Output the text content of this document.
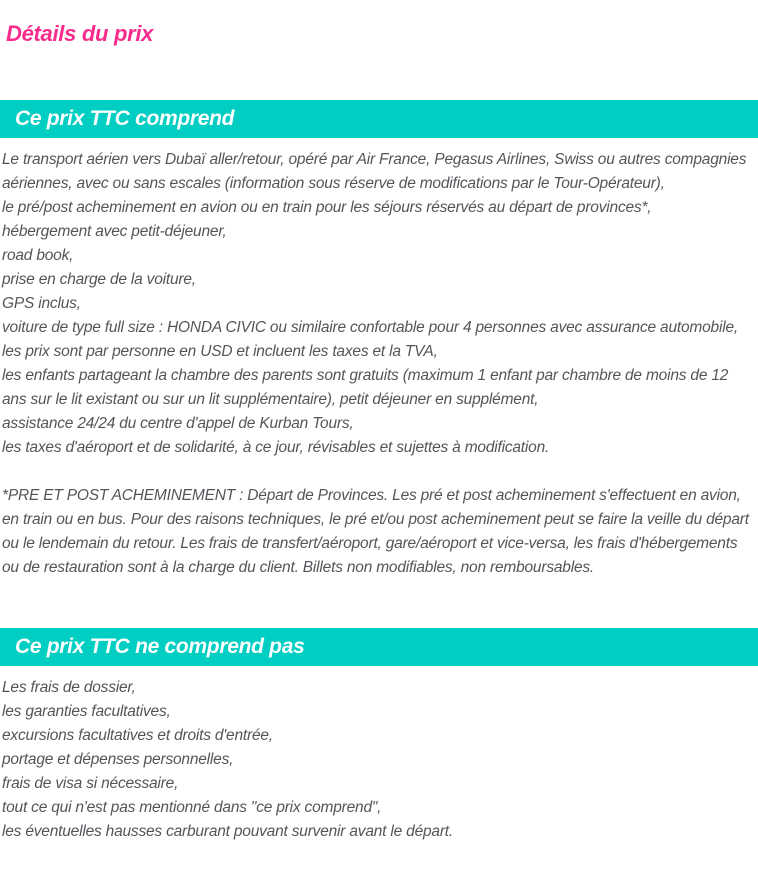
Détails du prix
Ce prix TTC comprend
Le transport aérien vers Dubaï aller/retour, opéré par Air France, Pegasus Airlines, Swiss ou autres compagnies aériennes, avec ou sans escales (information sous réserve de modifications par le Tour-Opérateur),
le pré/post acheminement en avion ou en train pour les séjours réservés au départ de provinces*,
hébergement avec petit-déjeuner,
road book,
prise en charge de la voiture,
GPS inclus,
voiture de type full size : HONDA CIVIC ou similaire confortable pour 4 personnes avec assurance automobile,
les prix sont par personne en USD et incluent les taxes et la TVA,
les enfants partageant la chambre des parents sont gratuits (maximum 1 enfant par chambre de moins de 12 ans sur le lit existant ou sur un lit supplémentaire), petit déjeuner en supplément,
assistance 24/24 du centre d'appel de Kurban Tours,
les taxes d'aéroport et de solidarité, à ce jour, révisables et sujettes à modification.
*PRE ET POST ACHEMINEMENT : Départ de Provinces. Les pré et post acheminement s'effectuent en avion, en train ou en bus. Pour des raisons techniques, le pré et/ou post acheminement peut se faire la veille du départ ou le lendemain du retour. Les frais de transfert/aéroport, gare/aéroport et vice-versa, les frais d'hébergements ou de restauration sont à la charge du client. Billets non modifiables, non remboursables.
Ce prix TTC ne comprend pas
Les frais de dossier,
les garanties facultatives,
excursions facultatives et droits d'entrée,
portage et dépenses personnelles,
frais de visa si nécessaire,
tout ce qui n'est pas mentionné dans "ce prix comprend",
les éventuelles hausses carburant pouvant survenir avant le départ.
